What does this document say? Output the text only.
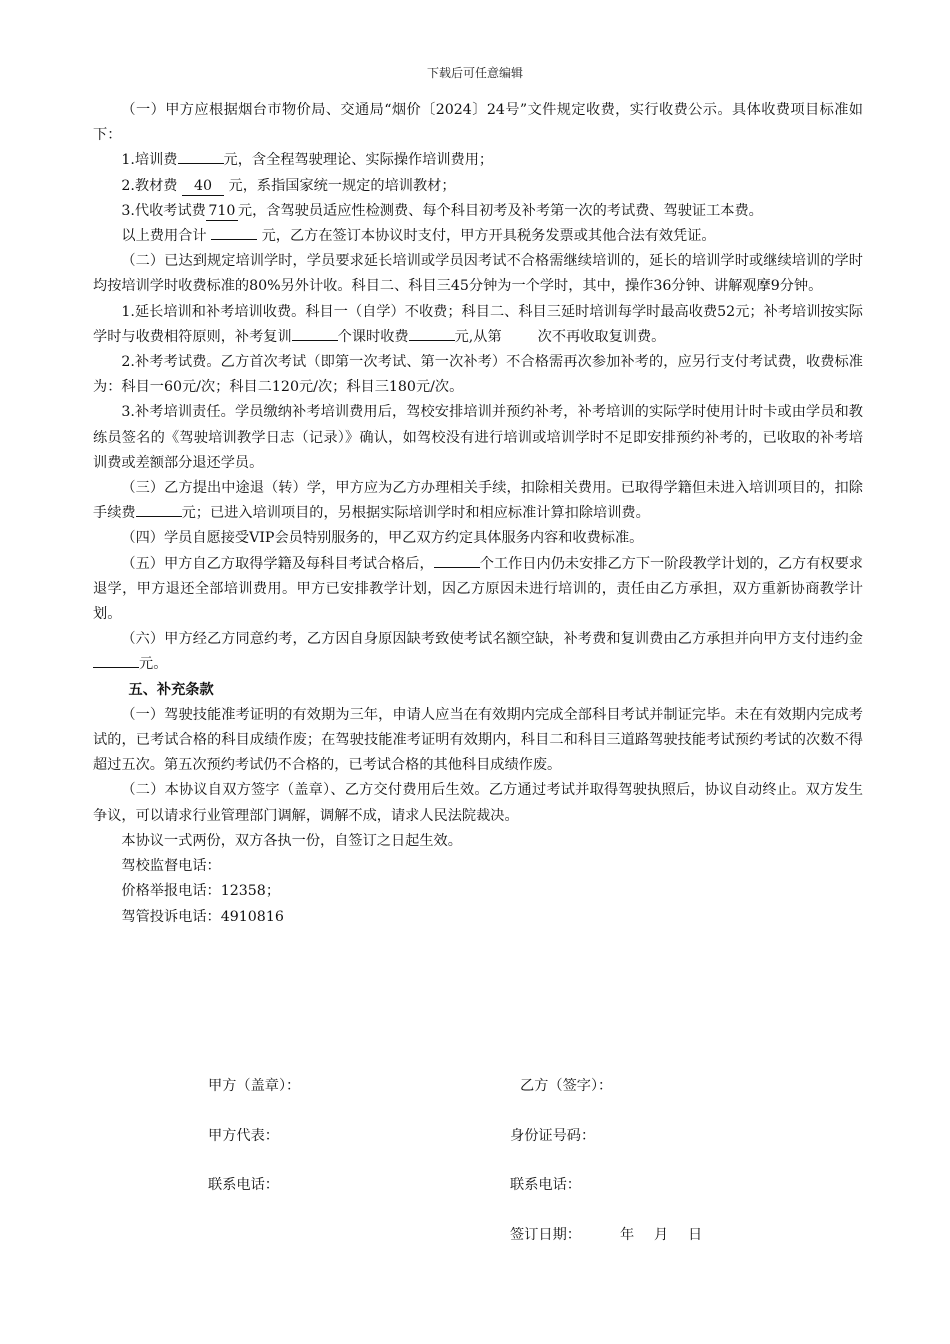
下载后可任意编辑

（一）甲方应根据烟台市物价局、交通局“烟价〔2024〕24号”文件规定收费，实行收费公示。具体收费项目标准如下：

1.培训费	元，含全程驾驶理论、实际操作培训费用；

2.教材费 40 元，系指国家统一规定的培训教材；

3.代收考试费 710 元，含驾驶员适应性检测费、每个科目初考及补考第一次的考试费、驾驶证工本费。

以上费用合计	元，乙方在签订本协议时支付，甲方开具税务发票或其他合法有效凭证。

（二）已达到规定培训学时，学员要求延长培训或学员因考试不合格需继续培训的，延长的培训学时或继续培训的学时均按培训学时收费标准的80%另外计收。科目二、科目三45分钟为一个学时，其中，操作36分钟、讲解观摩9分钟。

1.延长培训和补考培训收费。科目一（自学）不收费；科目二、科目三延时培训每学时最高收费52元；补考培训按实际学时与收费相符原则，补考复训	个课时收费	元,从第	次不再收取复训费。

2.补考考试费。乙方首次考试（即第一次考试、第一次补考）不合格需再次参加补考的，应另行支付考试费，收费标准为：科目一60元/次；科目二120元/次；科目三180元/次。

3.补考培训责任。学员缴纳补考培训费用后，驾校安排培训并预约补考，补考培训的实际学时使用计时卡或由学员和教练员签名的《驾驶培训教学日志（记录）》确认，如驾校没有进行培训或培训学时不足即安排预约补考的，已收取的补考培训费或差额部分退还学员。

（三）乙方提出中途退（转）学，甲方应为乙方办理相关手续，扣除相关费用。已取得学籍但未进入培训项目的，扣除手续费	元；已进入培训项目的，另根据实际培训学时和相应标准计算扣除培训费。

（四）学员自愿接受VIP会员特别服务的，甲乙双方约定具体服务内容和收费标准。

（五）甲方自乙方取得学籍及每科目考试合格后，	个工作日内仍未安排乙方下一阶段教学计划的，乙方有权要求退学，甲方退还全部培训费用。甲方已安排教学计划，因乙方原因未进行培训的，责任由乙方承担，双方重新协商教学计划。

（六）甲方经乙方同意约考，乙方因自身原因缺考致使考试名额空缺，补考费和复训费由乙方承担并向甲方支付违约金元。

五、补充条款

（一）驾驶技能准考证明的有效期为三年，申请人应当在有效期内完成全部科目考试并制证完毕。未在有效期内完成考试的，已考试合格的科目成绩作废；在驾驶技能准考证明有效期内，科目二和科目三道路驾驶技能考试预约考试的次数不得超过五次。第五次预约考试仍不合格的，已考试合格的其他科目成绩作废。

（二）本协议自双方签字（盖章）、乙方交付费用后生效。乙方通过考试并取得驾驶执照后，协议自动终止。双方发生争议，可以请求行业管理部门调解，调解不成，请求人民法院裁决。

本协议一式两份，双方各执一份，自签订之日起生效。

驾校监督电话：

价格举报电话：12358；

驾管投诉电话：4910816

甲方（盖章）：	乙方（签字）：
甲方代表：	身份证号码：
联系电话：	联系电话：
签订日期：	年 月 日
